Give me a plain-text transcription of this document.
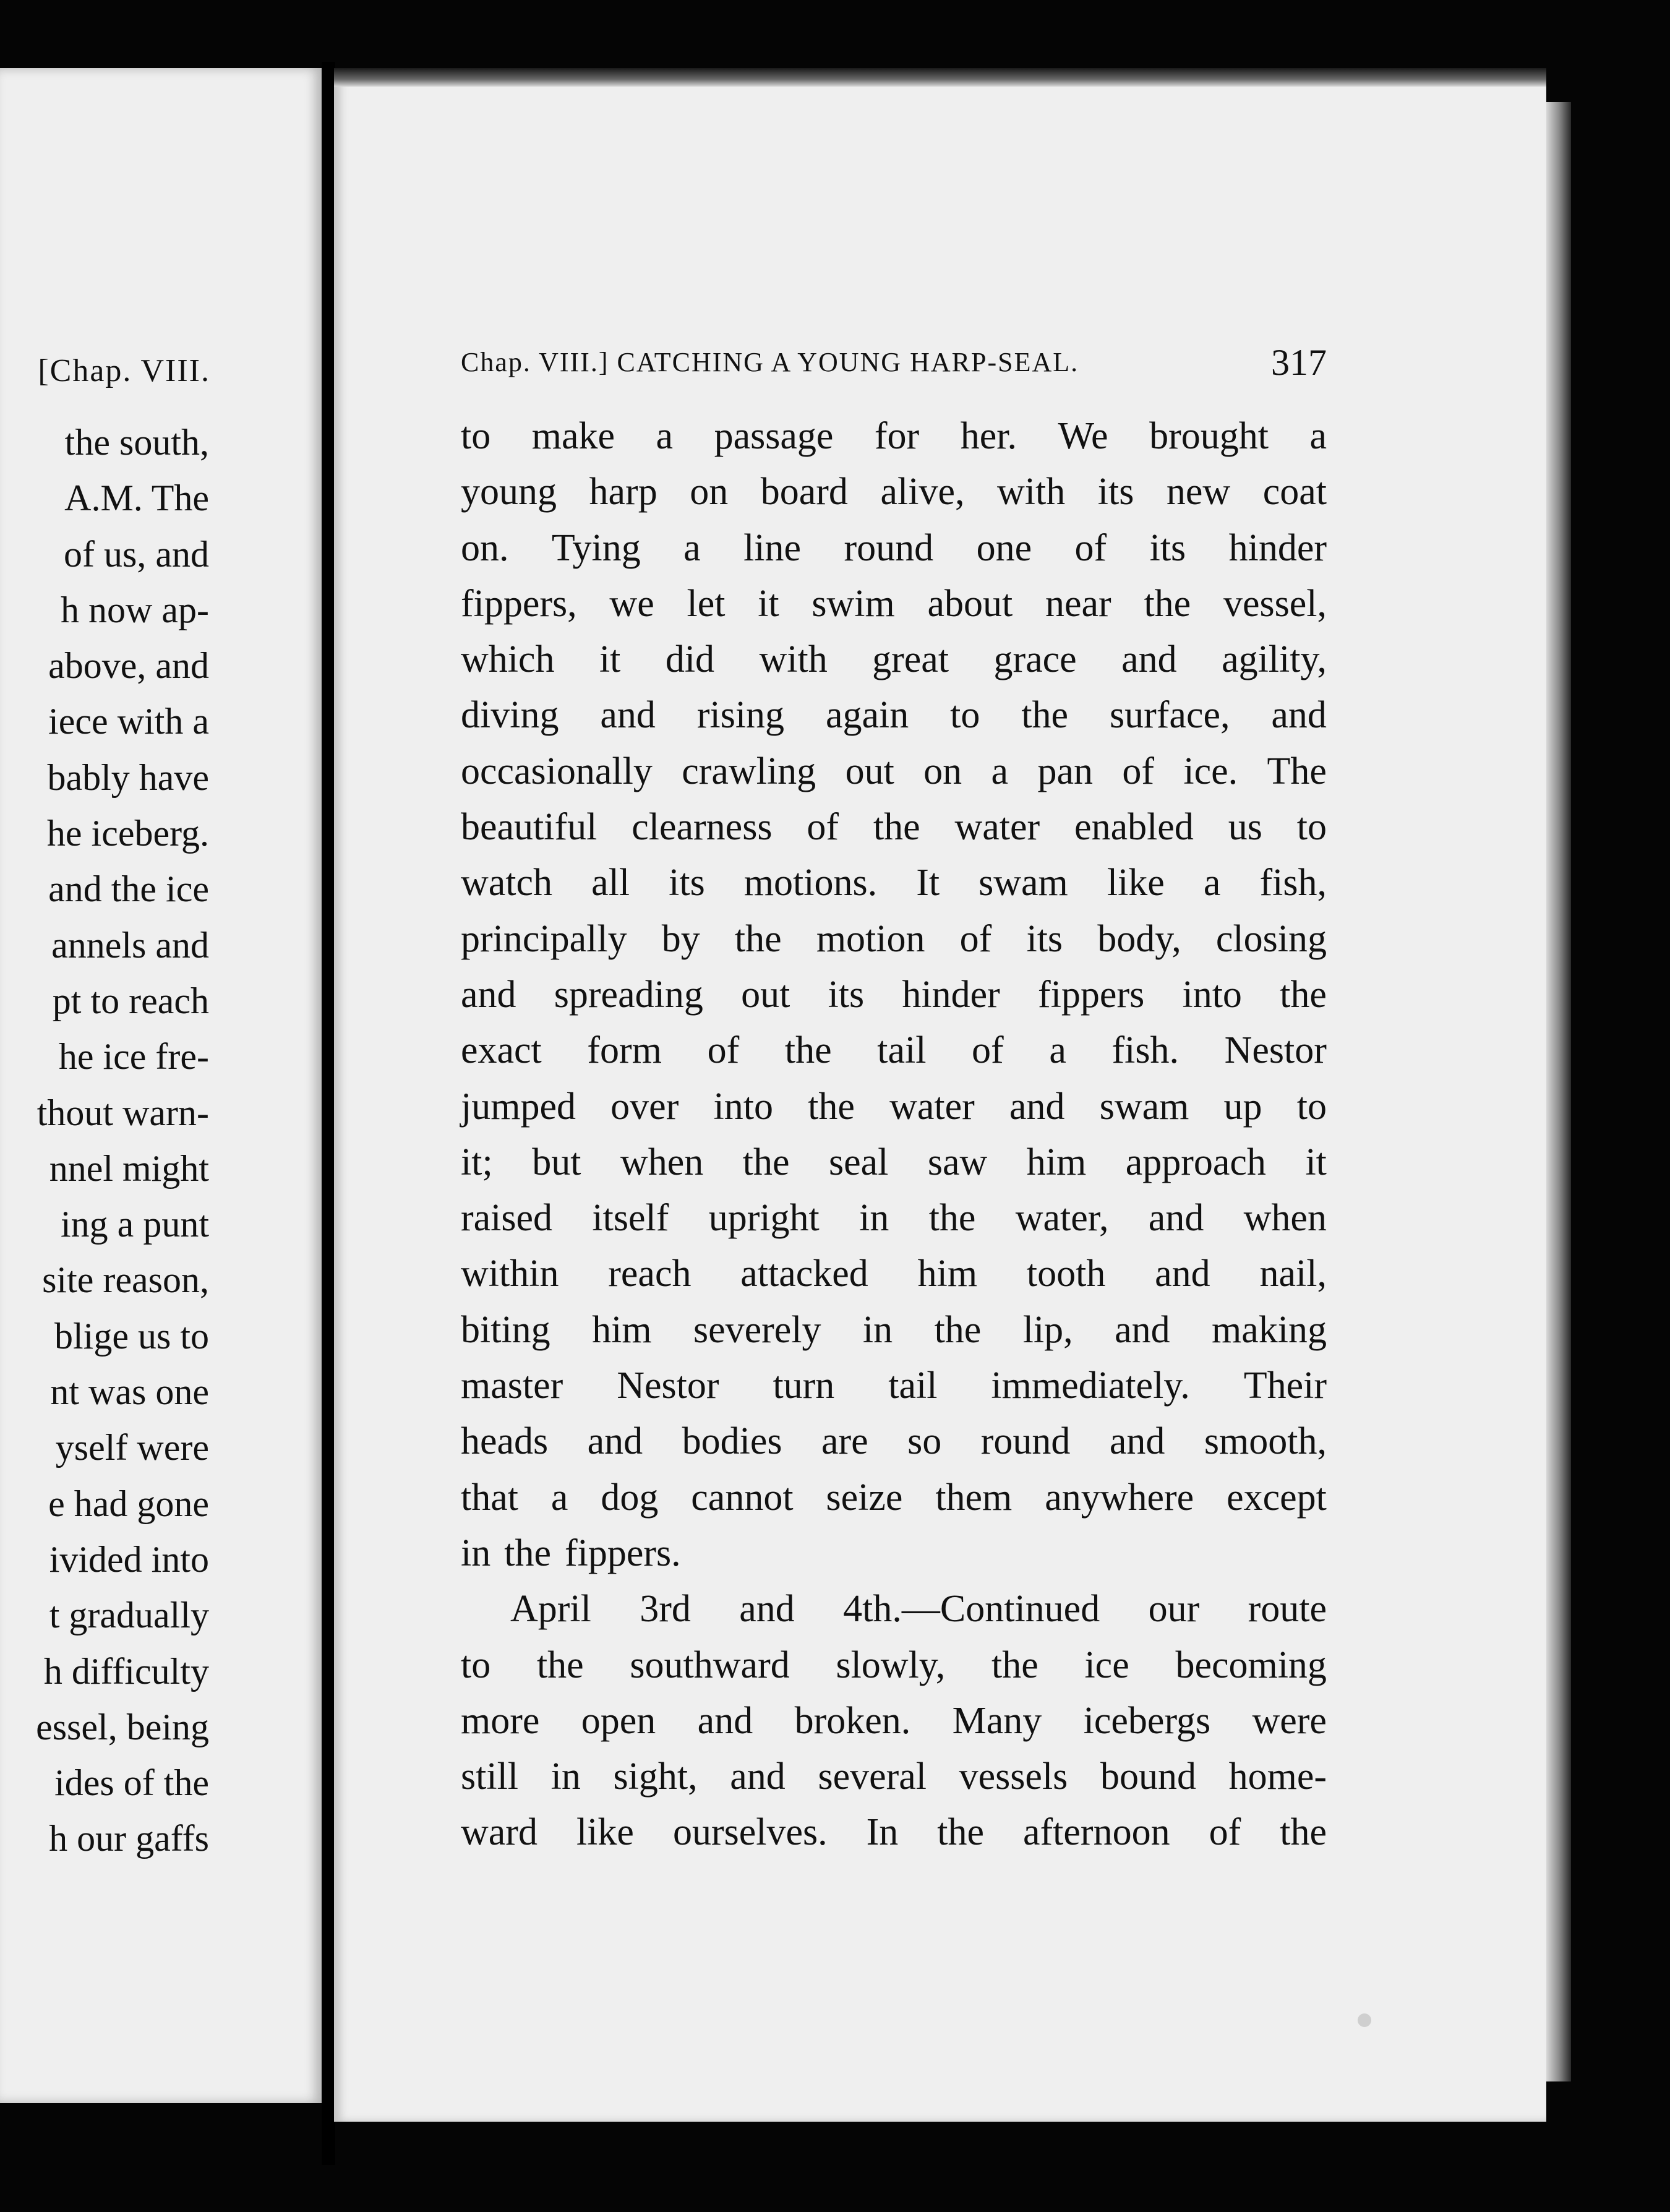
[Chap. VIII.
the south,
A.M. The
of us, and
h now ap-
above, and
iece with a
bably have
he iceberg.
and the ice
annels and
pt to reach
he ice fre-
thout warn-
nnel might
ing a punt
site reason,
blige us to
nt was one
yself were
e had gone
ivided into
t gradually
h difficulty
essel, being
ides of the
h our gaffs
Chap. VIII.] CATCHING A YOUNG HARP-SEAL.	317
to make a passage for her. We brought a
young harp on board alive, with its new coat
on. Tying a line round one of its hinder
fippers, we let it swim about near the vessel,
which it did with great grace and agility,
diving and rising again to the surface, and
occasionally crawling out on a pan of ice. The
beautiful clearness of the water enabled us to
watch all its motions. It swam like a fish,
principally by the motion of its body, closing
and spreading out its hinder fippers into the
exact form of the tail of a fish. Nestor
jumped over into the water and swam up to
it; but when the seal saw him approach it
raised itself upright in the water, and when
within reach attacked him tooth and nail,
biting him severely in the lip, and making
master Nestor turn tail immediately. Their
heads and bodies are so round and smooth,
that a dog cannot seize them anywhere except
in the fippers.
April 3rd and 4th.—Continued our route
to the southward slowly, the ice becoming
more open and broken. Many icebergs were
still in sight, and several vessels bound home-
ward like ourselves. In the afternoon of the
